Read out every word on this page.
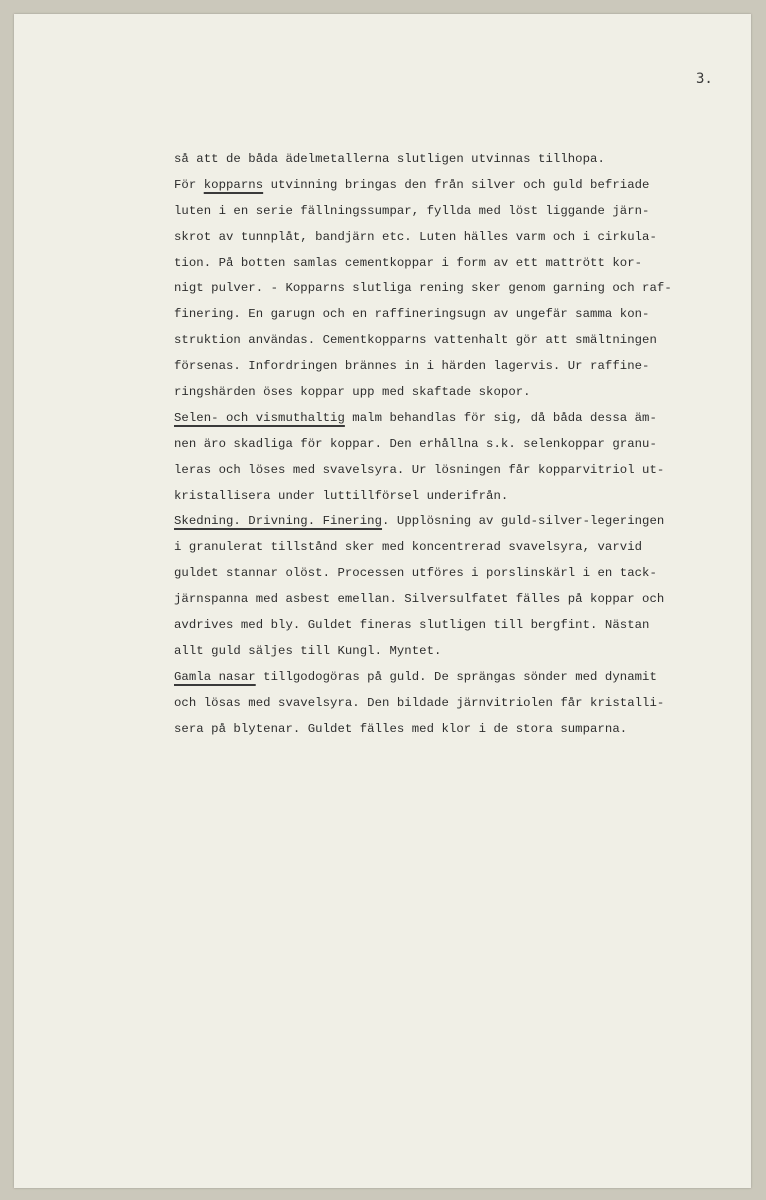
3.
så att de båda ädelmetallerna slutligen utvinnas tillhopa.
För kopparns utvinning bringas den från silver och guld befriade
luten i en serie fällningssumpar, fyllda med löst liggande järn-
skrot av tunnplåt, bandjärn etc. Luten hälles varm och i cirkula-
tion. På botten samlas cementkoppar i form av ett mattrött kor-
nigt pulver. - Kopparns slutliga rening sker genom garning och raf-
finering. En garugn och en raffineringsugn av ungefär samma kon-
struktion användas. Cementkopparns vattenhalt gör att smältningen
försenas. Infordringen brännes in i härden lagervis. Ur raffine-
ringshärden öses koppar upp med skaftade skopor.
Selen- och vismuthaltig malm behandlas för sig, då båda dessa äm-
nen äro skadliga för koppar. Den erhållna s.k. selenkoppar granu-
leras och löses med svavelsyra. Ur lösningen får kopparvitriol ut-
kristallisera under luttillförsel underifrån.
Skedning. Drivning. Finering. Upplösning av guld-silver-legeringen
i granulerat tillstånd sker med koncentrerad svavelsyra, varvid
guldet stannar olöst. Processen utföres i porslinskärl i en tack-
järnspanna med asbest emellan. Silversulfatet fälles på koppar och
avdrives med bly. Guldet fineras slutligen till bergfint. Nästan
allt guld säljes till Kungl. Myntet.
Gamla nasar tillgodogöras på guld. De sprängas sönder med dynamit
och lösas med svavelsyra. Den bildade järnvitriolen får kristalli-
sera på blytenar. Guldet fälles med klor i de stora sumparna.
